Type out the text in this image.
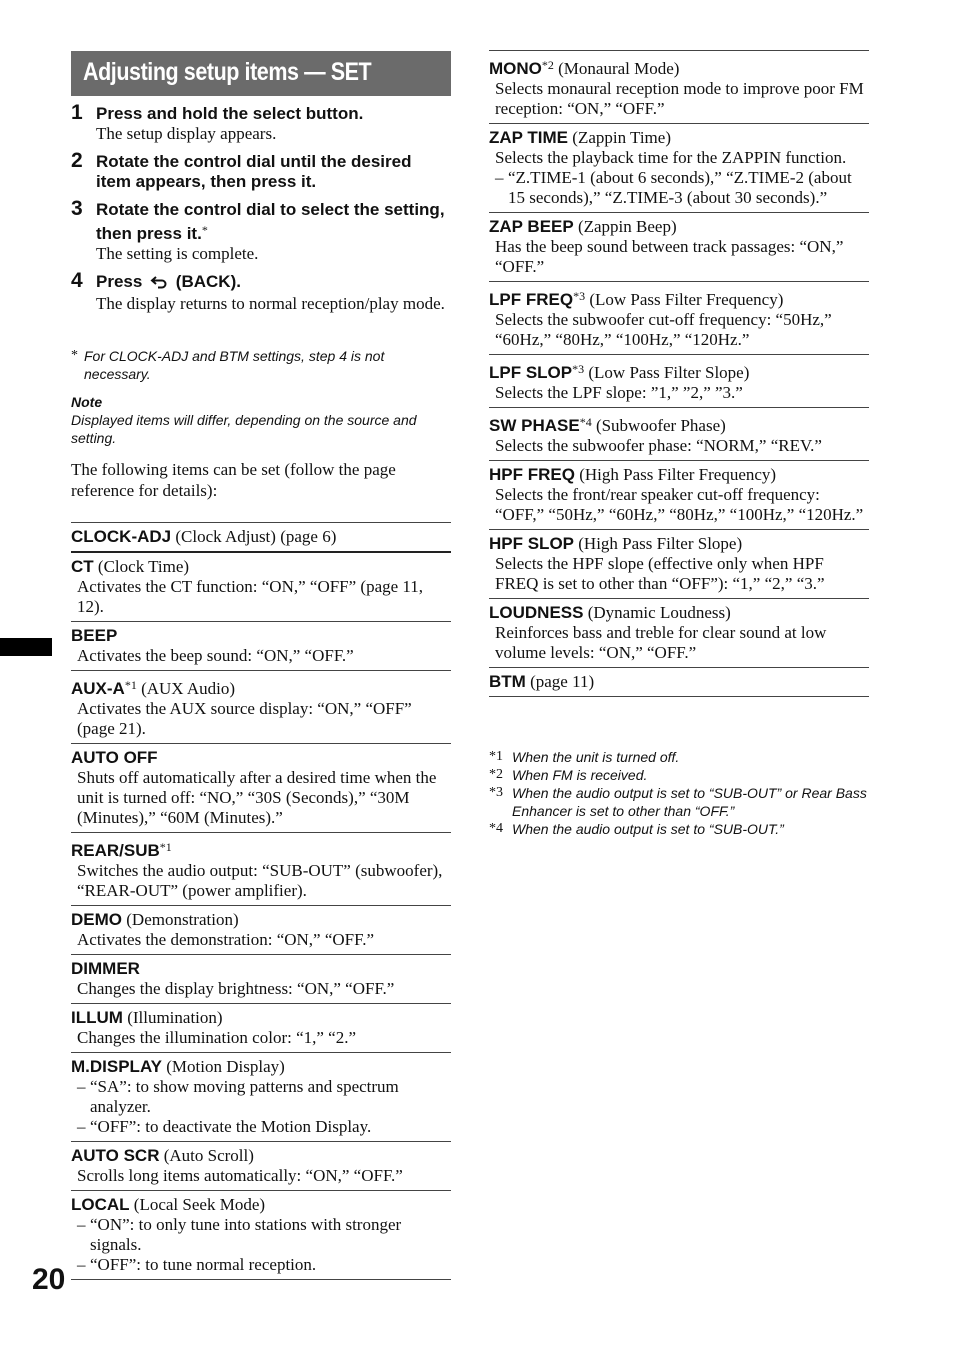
Adjusting setup items — SET
1 Press and hold the select button.
The setup display appears.
2 Rotate the control dial until the desired item appears, then press it.
3 Rotate the control dial to select the setting, then press it.*
The setting is complete.
4 Press (BACK).
The display returns to normal reception/play mode.
* For CLOCK-ADJ and BTM settings, step 4 is not necessary.
Note
Displayed items will differ, depending on the source and setting.
The following items can be set (follow the page reference for details):
CLOCK-ADJ (Clock Adjust) (page 6)
CT (Clock Time)
Activates the CT function: “ON,” “OFF” (page 11, 12).
BEEP
Activates the beep sound: “ON,” “OFF.”
AUX-$A^{*1}$ (AUX Audio)
Activates the AUX source display: “ON,” “OFF” (page 21).
AUTO OFF
Shuts off automatically after a desired time when the unit is turned off: “NO,” “30S (Seconds),” “30M (Minutes),” “60M (Minutes).”
REAR/SUB$^{*1}$
Switches the audio output: “SUB-OUT” (subwoofer), “REAR-OUT” (power amplifier).
DEMO (Demonstration)
Activates the demonstration: “ON,” “OFF.”
DIMMER
Changes the display brightness: “ON,” “OFF.”
ILLUM (Illumination)
Changes the illumination color: “1,” “2.”
M.DISPLAY (Motion Display)
– “SA”: to show moving patterns and spectrum analyzer.
– “OFF”: to deactivate the Motion Display.
AUTO SCR (Auto Scroll)
Scrolls long items automatically: “ON,” “OFF.”
LOCAL (Local Seek Mode)
– “ON”: to only tune into stations with stronger signals.
– “OFF”: to tune normal reception.
MONO$^{*2}$ (Monaural Mode)
Selects monaural reception mode to improve poor FM reception: “ON,” “OFF.”
ZAP TIME (Zappin Time)
Selects the playback time for the ZAPPIN function.
– “Z.TIME-1 (about 6 seconds),” “Z.TIME-2 (about 15 seconds),” “Z.TIME-3 (about 30 seconds).”
ZAP BEEP (Zappin Beep)
Has the beep sound between track passages: “ON,” “OFF.”
LPF FREQ$^{*3}$ (Low Pass Filter Frequency)
Selects the subwoofer cut-off frequency: “50Hz,” “60Hz,” “80Hz,” “100Hz,” “120Hz.”
LPF SLOP$^{*3}$ (Low Pass Filter Slope)
Selects the LPF slope: ”1,” ”2,” ”3.”
SW PHASE$^{*4}$ (Subwoofer Phase)
Selects the subwoofer phase: “NORM,” “REV.”
HPF FREQ (High Pass Filter Frequency)
Selects the front/rear speaker cut-off frequency: “OFF,” “50Hz,” “60Hz,” “80Hz,” “100Hz,” “120Hz.”
HPF SLOP (High Pass Filter Slope)
Selects the HPF slope (effective only when HPF FREQ is set to other than “OFF”): “1,” “2,” “3.”
LOUDNESS (Dynamic Loudness)
Reinforces bass and treble for clear sound at low volume levels: “ON,” “OFF.”
BTM (page 11)
*1 When the unit is turned off.
*2 When FM is received.
*3 When the audio output is set to “SUB-OUT” or Rear Bass Enhancer is set to other than “OFF.”
*4 When the audio output is set to “SUB-OUT.”
20
